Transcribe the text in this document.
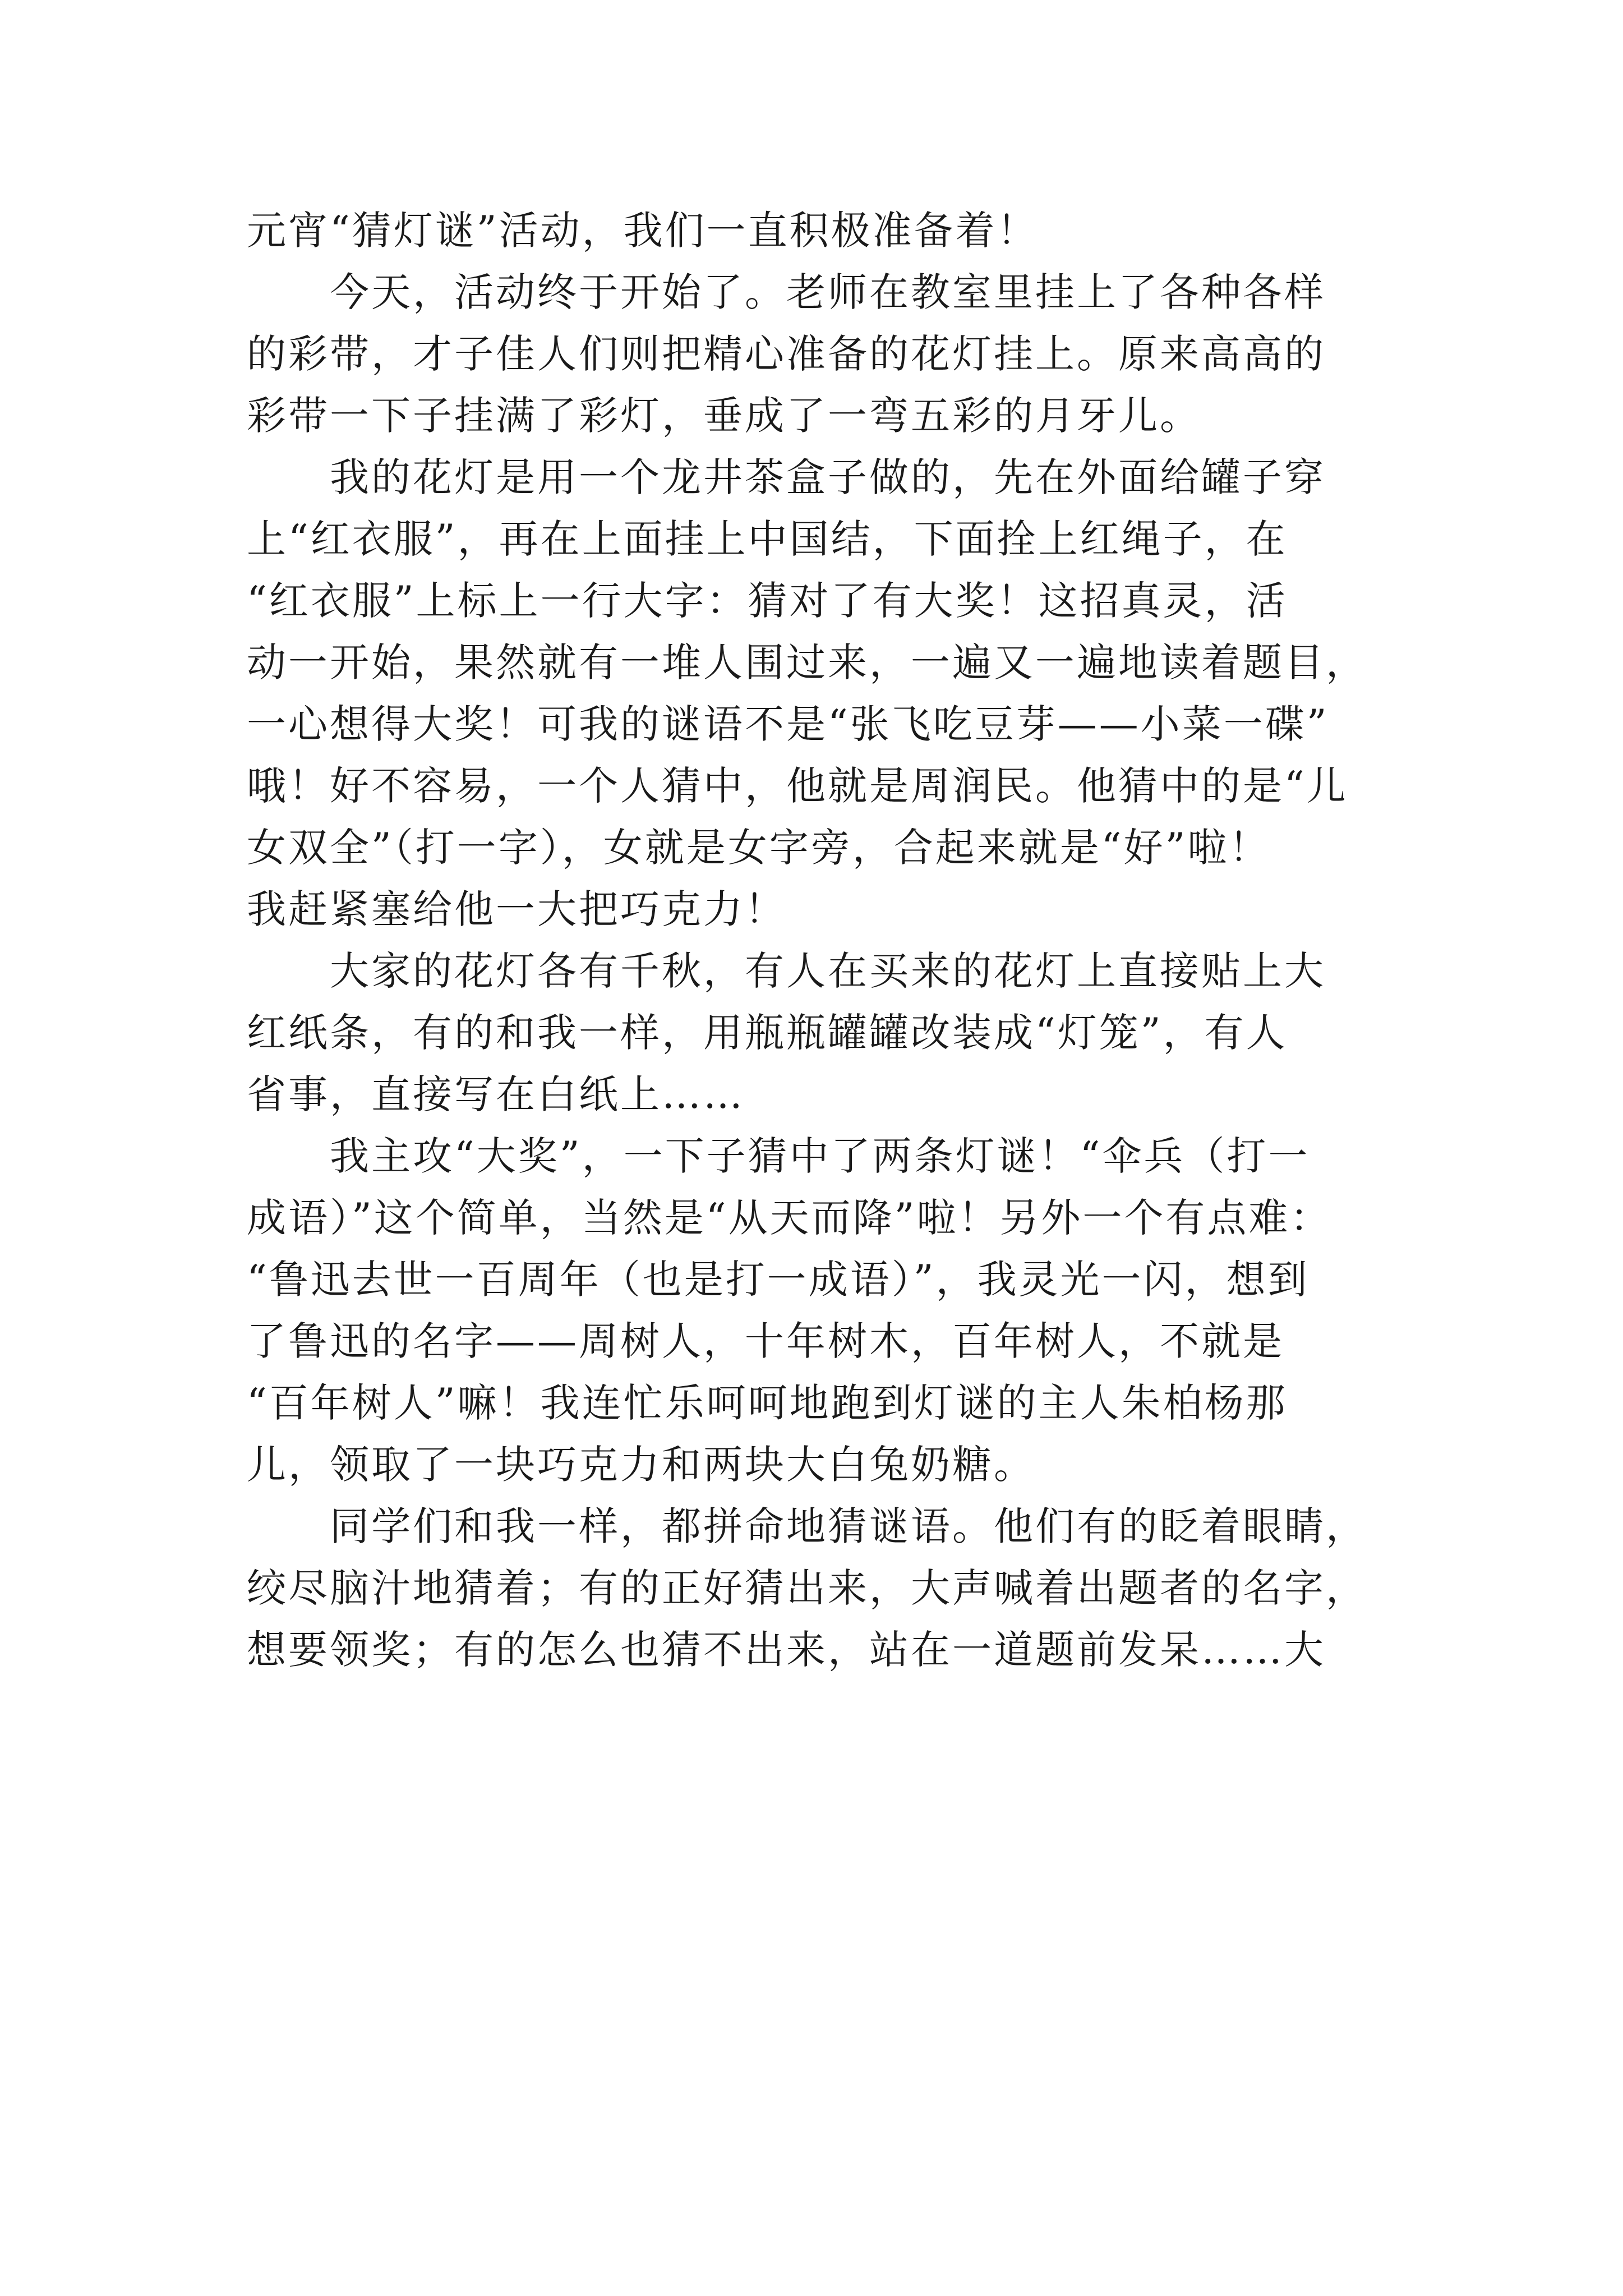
元宵“猜灯谜”活动，我们一直积极准备着！
今天，活动终于开始了。老师在教室里挂上了各种各样
的彩带，才子佳人们则把精心准备的花灯挂上。原来高高的
彩带一下子挂满了彩灯，垂成了一弯五彩的月牙儿。
我的花灯是用一个龙井茶盒子做的，先在外面给罐子穿
上“红衣服”，再在上面挂上中国结，下面拴上红绳子，在
“红衣服”上标上一行大字：猜对了有大奖！这招真灵，活
动一开始，果然就有一堆人围过来，一遍又一遍地读着题目，
一心想得大奖！可我的谜语不是“张飞吃豆芽——小菜一碟”
哦！好不容易，一个人猜中，他就是周润民。他猜中的是“儿
女双全”（打一字），女就是女字旁，合起来就是“好”啦！
我赶紧塞给他一大把巧克力！
大家的花灯各有千秋，有人在买来的花灯上直接贴上大
红纸条，有的和我一样，用瓶瓶罐罐改装成“灯笼”，有人
省事，直接写在白纸上……
我主攻“大奖”，一下子猜中了两条灯谜！“伞兵（打一
成语）”这个简单，当然是“从天而降”啦！另外一个有点难：
“鲁迅去世一百周年（也是打一成语）”，我灵光一闪，想到
了鲁迅的名字——周树人，十年树木，百年树人，不就是
“百年树人”嘛！我连忙乐呵呵地跑到灯谜的主人朱柏杨那
儿，领取了一块巧克力和两块大白兔奶糖。
同学们和我一样，都拼命地猜谜语。他们有的眨着眼睛，
绞尽脑汁地猜着；有的正好猜出来，大声喊着出题者的名字，
想要领奖；有的怎么也猜不出来，站在一道题前发呆……大
